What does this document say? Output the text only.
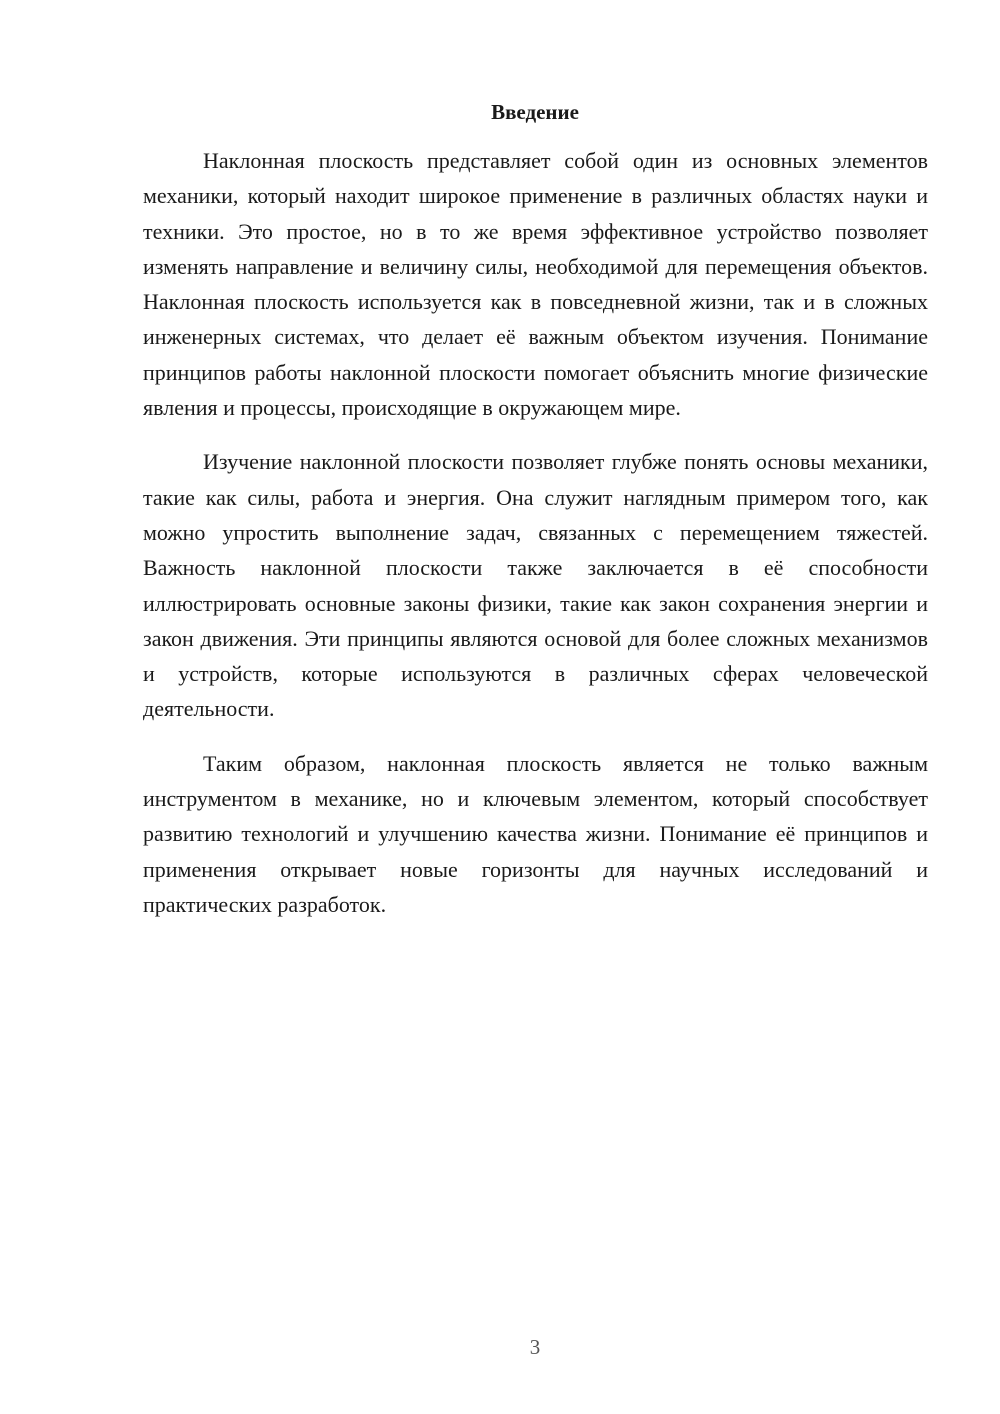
Введение

Наклонная плоскость представляет собой один из основных элементов механики, который находит широкое применение в различных областях науки и техники. Это простое, но в то же время эффективное устройство позволяет изменять направление и величину силы, необходимой для перемещения объектов. Наклонная плоскость используется как в повседневной жизни, так и в сложных инженерных системах, что делает её важным объектом изучения. Понимание принципов работы наклонной плоскости помогает объяснить многие физические явления и процессы, происходящие в окружающем мире.

Изучение наклонной плоскости позволяет глубже понять основы механики, такие как силы, работа и энергия. Она служит наглядным примером того, как можно упростить выполнение задач, связанных с перемещением тяжестей. Важность наклонной плоскости также заключается в её способности иллюстрировать основные законы физики, такие как закон сохранения энергии и закон движения. Эти принципы являются основой для более сложных механизмов и устройств, которые используются в различных сферах человеческой деятельности.

Таким образом, наклонная плоскость является не только важным инструментом в механике, но и ключевым элементом, который способствует развитию технологий и улучшению качества жизни. Понимание её принципов и применения открывает новые горизонты для научных исследований и практических разработок.

3
